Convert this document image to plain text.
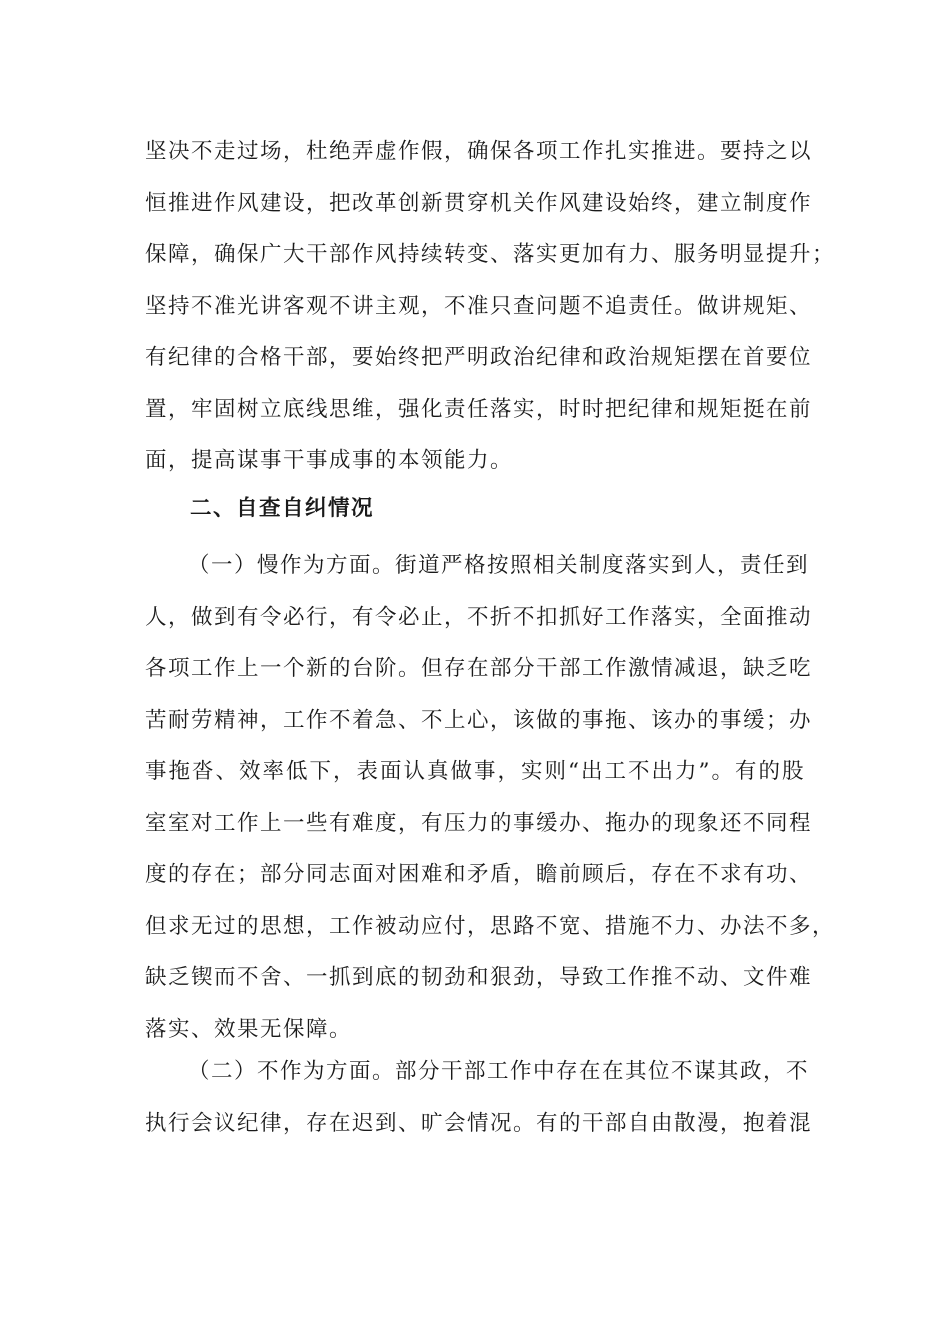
坚决不走过场，杜绝弄虚作假，确保各项工作扎实推进。要持之以
恒推进作风建设，把改革创新贯穿机关作风建设始终，建立制度作
保障，确保广大干部作风持续转变、落实更加有力、服务明显提升；
坚持不准光讲客观不讲主观，不准只查问题不追责任。做讲规矩、
有纪律的合格干部，要始终把严明政治纪律和政治规矩摆在首要位
置，牢固树立底线思维，强化责任落实，时时把纪律和规矩挺在前
面，提高谋事干事成事的本领能力。
二、自查自纠情况
（一）慢作为方面。街道严格按照相关制度落实到人，责任到
人，做到有令必行，有令必止，不折不扣抓好工作落实，全面推动
各项工作上一个新的台阶。但存在部分干部工作激情减退，缺乏吃
苦耐劳精神，工作不着急、不上心，该做的事拖、该办的事缓；办
事拖沓、效率低下，表面认真做事，实则“出工不出力”。有的股
室室对工作上一些有难度，有压力的事缓办、拖办的现象还不同程
度的存在；部分同志面对困难和矛盾，瞻前顾后，存在不求有功、
但求无过的思想，工作被动应付，思路不宽、措施不力、办法不多，
缺乏锲而不舍、一抓到底的韧劲和狠劲，导致工作推不动、文件难
落实、效果无保障。
（二）不作为方面。部分干部工作中存在在其位不谋其政，不
执行会议纪律，存在迟到、旷会情况。有的干部自由散漫，抱着混
